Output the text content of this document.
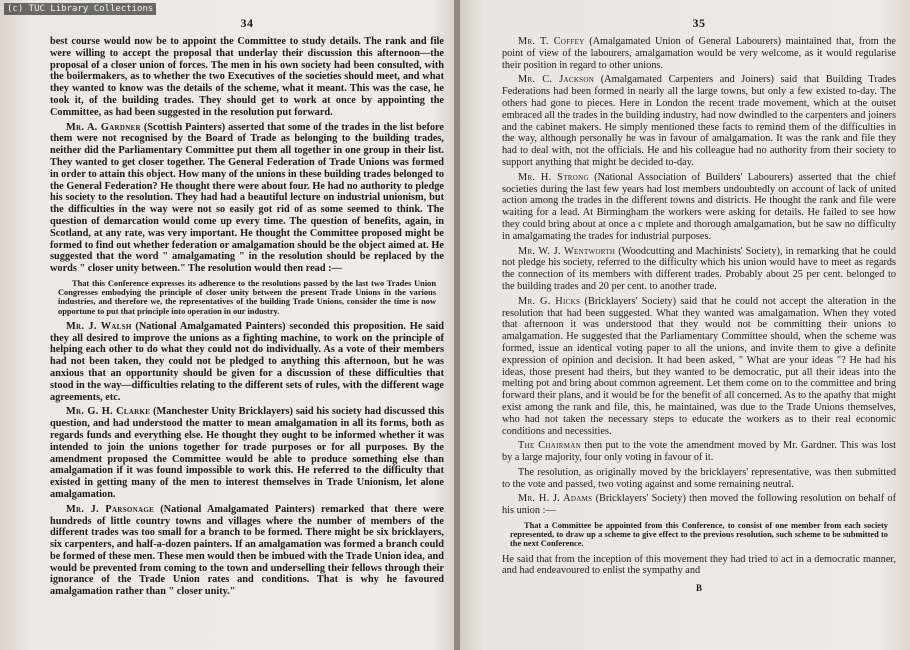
(c) TUC Library Collections
34

best course would now be to appoint the Committee to study details. The rank and file were willing to accept the proposal that underlay their discussion this afternoon—the proposal of a closer union of forces. The men in his own society had been consulted, with the boilermakers, as to whether the two Executives of the societies should meet, and what they wanted to know was the details of the scheme, what it meant. This was the case, he took it, of the building trades. They should get to work at once by appointing the Committee, as had been suggested in the resolution put forward.

Mr. A. Gardner (Scottish Painters) asserted that some of the trades in the list before them were not recognised by the Board of Trade as belonging to the building trades, neither did the Parliamentary Committee put them all together in one group in their list. They wanted to get closer together. The General Federation of Trade Unions was formed in order to attain this object. How many of the unions in these building trades belonged to the General Federation? He thought there were about four. He had no authority to pledge his society to the resolution. They had had a beautiful lecture on industrial unionism, but the difficulties in the way were not so easily got rid of as some seemed to think. The question of demarcation would come up every time. The question of benefits, again, in Scotland, at any rate, was very important. He thought the Committee proposed might be formed to find out whether federation or amalgamation should be the object aimed at. He suggested that the word " amalgamating " in the resolution should be replaced by the words " closer unity between." The resolution would then read :—

That this Conference expresses its adherence to the resolutions passed by the last two Trades Union Congresses embodying the principle of closer unity between the present Trade Unions in the various industries, and therefore we, the representatives of the building Trade Unions, consider the time is now opportune to put that principle into operation in our industry.

Mr. J. Walsh (National Amalgamated Painters) seconded this proposition. He said they all desired to improve the unions as a fighting machine, to work on the principle of helping each other to do what they could not do individually. As a vote of their members had not been taken, they could not be pledged to anything this afternoon, but he was anxious that an opportunity should be given for a discussion of these difficulties that stood in the way—difficulties relating to the different sets of rules, with the different wage agreements, etc.

Mr. G. H. Clarke (Manchester Unity Bricklayers) said his society had discussed this question, and had understood the matter to mean amalgamation in all its forms, both as regards funds and everything else. He thought they ought to be informed whether it was intended to join the unions together for trade purposes or for all purposes. By the amendment proposed the Committee would be able to produce something else than amalgamation if it was found impossible to work this. He referred to the difficulty that existed in getting many of the men to interest themselves in Trade Unionism, let alone amalgamation.

Mr. J. Parsonage (National Amalgamated Painters) remarked that there were hundreds of little country towns and villages where the number of members of the different trades was too small for a branch to be formed. There might be six bricklayers, six carpenters, and half-a-dozen painters. If an amalgamation was formed a branch could be formed of these men. These men would then be imbued with the Trade Union idea, and would be prevented from coming to the town and underselling their fellows through their ignorance of the Trade Union rates and conditions. That is why he favoured amalgamation rather than " closer unity."

35

Mr. T. Coffey (Amalgamated Union of General Labourers) maintained that, from the point of view of the labourers, amalgamation would be very welcome, as it would regularise their position in regard to other unions.

Mr. C. Jackson (Amalgamated Carpenters and Joiners) said that Building Trades Federations had been formed in nearly all the large towns, but only a few existed to-day. The others had gone to pieces. Here in London the recent trade movement, which at the outset embraced all the trades in the building industry, had now dwindled to the carpenters and joiners and the cabinet makers. He simply mentioned these facts to remind them of the difficulties in the way, although personally he was in favour of amalgamation. It was the rank and file they had to deal with, not the officials. He and his colleague had no authority from their society to support anything that might be decided to-day.

Mr. H. Strong (National Association of Builders' Labourers) asserted that the chief societies during the last few years had lost members undoubtedly on account of lack of united action among the trades in the different towns and districts. He thought the rank and file were waiting for a lead. At Birmingham the workers were asking for details. He failed to see how they could bring about at once a c mplete and thorough amalgamation, but he saw no difficulty in amalgamating the trades for industrial purposes.

Mr. W. J. Wentworth (Woodcutting and Machinists' Society), in remarking that he could not pledge his society, referred to the difficulty which his union would have to meet as regards the connection of its members with different trades. Probably about 25 per cent. belonged to the building trades and 20 per cent. to another trade.

Mr. G. Hicks (Bricklayers' Society) said that he could not accept the alteration in the resolution that had been suggested. What they wanted was amalgamation. When they voted that afternoon it was understood that they would not be committing their unions to amalgamation. He suggested that the Parliamentary Committee should, when the scheme was formed, issue an identical voting paper to all the unions, and invite them to give a definite expression of opinion and decision. It had been asked, " What are your ideas "? He had his ideas, those present had theirs, but they wanted to be democratic, put all their ideas into the melting pot and bring about common agreement. Let them come on to the committee and bring forward their plans, and it would be for the benefit of all concerned. As to the apathy that might exist among the rank and file, this, he maintained, was due to the Trade Unions themselves, who had not taken the necessary steps to educate the workers as to their real economic conditions and necessities.

The Chairman then put to the vote the amendment moved by Mr. Gardner. This was lost by a large majority, four only voting in favour of it.

The resolution, as originally moved by the bricklayers' representative, was then submitted to the vote and passed, two voting against and some remaining neutral.

Mr. H. J. Adams (Bricklayers' Society) then moved the following resolution on behalf of his union :—

That a Committee be appointed from this Conference, to consist of one member from each society represented, to draw up a scheme to give effect to the previous resolution, such scheme to be submitted to the next Conference.

He said that from the inception of this movement they had tried to act in a democratic manner, and had endeavoured to enlist the sympathy and

B
